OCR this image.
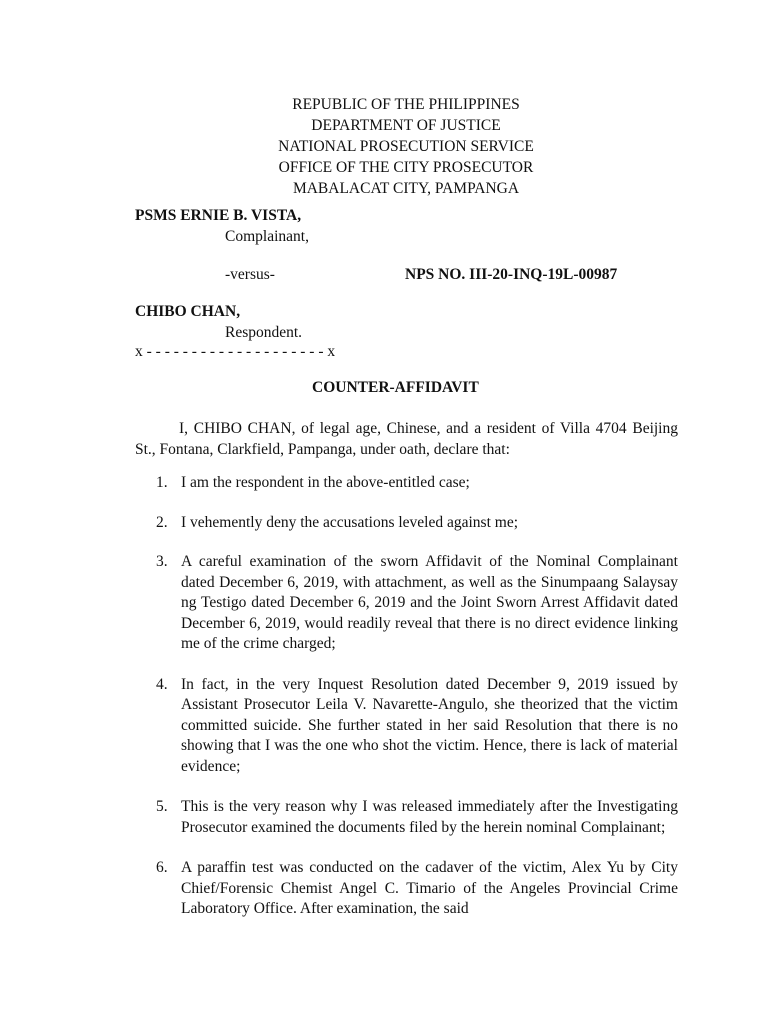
REPUBLIC OF THE PHILIPPINES
DEPARTMENT OF JUSTICE
NATIONAL PROSECUTION SERVICE
OFFICE OF THE CITY PROSECUTOR
MABALACAT CITY, PAMPANGA
PSMS ERNIE B. VISTA,
Complainant,
-versus-	NPS NO. III-20-INQ-19L-00987
CHIBO CHAN,
Respondent.
x - - - - - - - - - - - - - - - - - - - - x
COUNTER-AFFIDAVIT
I, CHIBO CHAN, of legal age, Chinese, and a resident of Villa 4704 Beijing St., Fontana, Clarkfield, Pampanga, under oath, declare that:
1. I am the respondent in the above-entitled case;
2. I vehemently deny the accusations leveled against me;
3. A careful examination of the sworn Affidavit of the Nominal Complainant dated December 6, 2019, with attachment, as well as the Sinumpaang Salaysay ng Testigo dated December 6, 2019 and the Joint Sworn Arrest Affidavit dated December 6, 2019, would readily reveal that there is no direct evidence linking me of the crime charged;
4. In fact, in the very Inquest Resolution dated December 9, 2019 issued by Assistant Prosecutor Leila V. Navarette-Angulo, she theorized that the victim committed suicide. She further stated in her said Resolution that there is no showing that I was the one who shot the victim. Hence, there is lack of material evidence;
5. This is the very reason why I was released immediately after the Investigating Prosecutor examined the documents filed by the herein nominal Complainant;
6. A paraffin test was conducted on the cadaver of the victim, Alex Yu by City Chief/Forensic Chemist Angel C. Timario of the Angeles Provincial Crime Laboratory Office. After examination, the said
